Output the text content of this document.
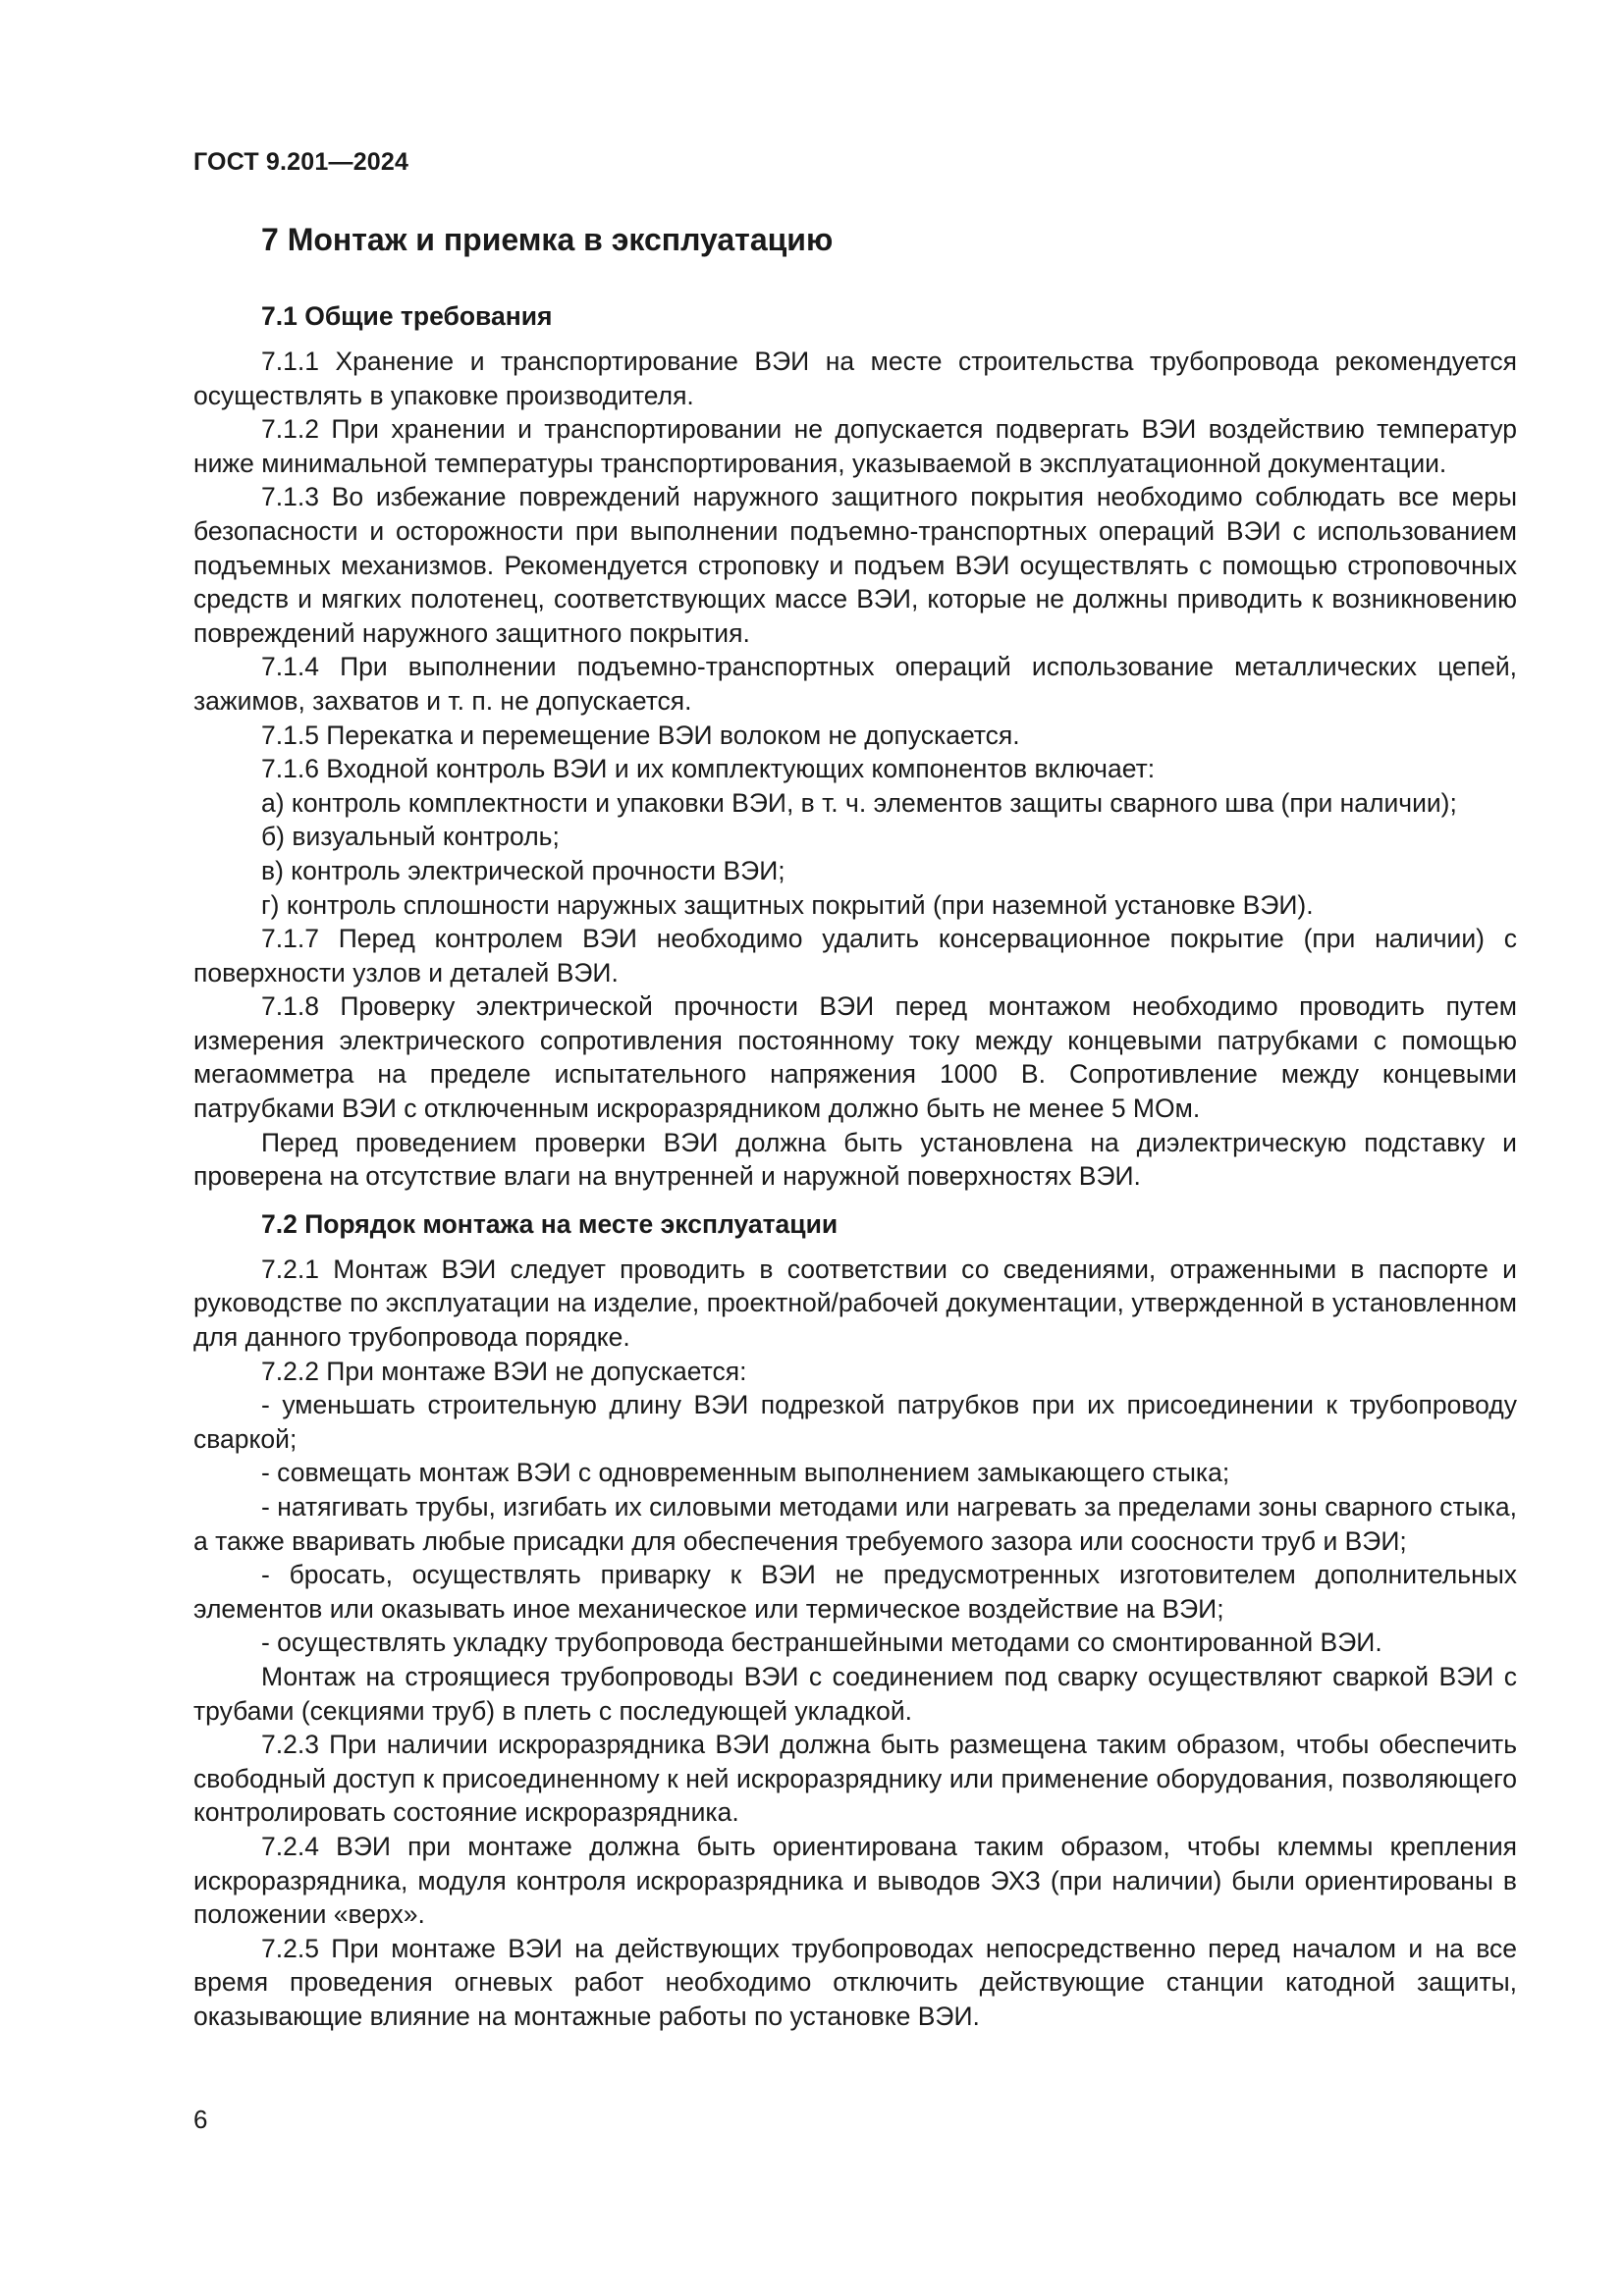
ГОСТ 9.201—2024
7 Монтаж и приемка в эксплуатацию
7.1 Общие требования

7.1.1 Хранение и транспортирование ВЭИ на месте строительства трубопровода рекомендуется осуществлять в упаковке производителя.

7.1.2 При хранении и транспортировании не допускается подвергать ВЭИ воздействию температур ниже минимальной температуры транспортирования, указываемой в эксплуатационной документации.

7.1.3 Во избежание повреждений наружного защитного покрытия необходимо соблюдать все меры безопасности и осторожности при выполнении подъемно-транспортных операций ВЭИ с использованием подъемных механизмов. Рекомендуется строповку и подъем ВЭИ осуществлять с помощью строповочных средств и мягких полотенец, соответствующих массе ВЭИ, которые не должны приводить к возникновению повреждений наружного защитного покрытия.

7.1.4 При выполнении подъемно-транспортных операций использование металлических цепей, зажимов, захватов и т. п. не допускается.

7.1.5 Перекатка и перемещение ВЭИ волоком не допускается.

7.1.6 Входной контроль ВЭИ и их комплектующих компонентов включает:

а) контроль комплектности и упаковки ВЭИ, в т. ч. элементов защиты сварного шва (при наличии);

б) визуальный контроль;

в) контроль электрической прочности ВЭИ;

г) контроль сплошности наружных защитных покрытий (при наземной установке ВЭИ).

7.1.7 Перед контролем ВЭИ необходимо удалить консервационное покрытие (при наличии) с поверхности узлов и деталей ВЭИ.

7.1.8 Проверку электрической прочности ВЭИ перед монтажом необходимо проводить путем измерения электрического сопротивления постоянному току между концевыми патрубками с помощью мегаомметра на пределе испытательного напряжения 1000 В. Сопротивление между концевыми патрубками ВЭИ с отключенным искроразрядником должно быть не менее 5 МОм.

Перед проведением проверки ВЭИ должна быть установлена на диэлектрическую подставку и проверена на отсутствие влаги на внутренней и наружной поверхностях ВЭИ.

7.2 Порядок монтажа на месте эксплуатации

7.2.1 Монтаж ВЭИ следует проводить в соответствии со сведениями, отраженными в паспорте и руководстве по эксплуатации на изделие, проектной/рабочей документации, утвержденной в установленном для данного трубопровода порядке.

7.2.2 При монтаже ВЭИ не допускается:

- уменьшать строительную длину ВЭИ подрезкой патрубков при их присоединении к трубопроводу сваркой;

- совмещать монтаж ВЭИ с одновременным выполнением замыкающего стыка;

- натягивать трубы, изгибать их силовыми методами или нагревать за пределами зоны сварного стыка, а также вваривать любые присадки для обеспечения требуемого зазора или соосности труб и ВЭИ;

- бросать, осуществлять приварку к ВЭИ не предусмотренных изготовителем дополнительных элементов или оказывать иное механическое или термическое воздействие на ВЭИ;

- осуществлять укладку трубопровода бестраншейными методами со смонтированной ВЭИ.

Монтаж на строящиеся трубопроводы ВЭИ с соединением под сварку осуществляют сваркой ВЭИ с трубами (секциями труб) в плеть с последующей укладкой.

7.2.3 При наличии искроразрядника ВЭИ должна быть размещена таким образом, чтобы обеспечить свободный доступ к присоединенному к ней искроразряднику или применение оборудования, позволяющего контролировать состояние искроразрядника.

7.2.4 ВЭИ при монтаже должна быть ориентирована таким образом, чтобы клеммы крепления искроразрядника, модуля контроля искроразрядника и выводов ЭХЗ (при наличии) были ориентированы в положении «верх».

7.2.5 При монтаже ВЭИ на действующих трубопроводах непосредственно перед началом и на все время проведения огневых работ необходимо отключить действующие станции катодной защиты, оказывающие влияние на монтажные работы по установке ВЭИ.

6
